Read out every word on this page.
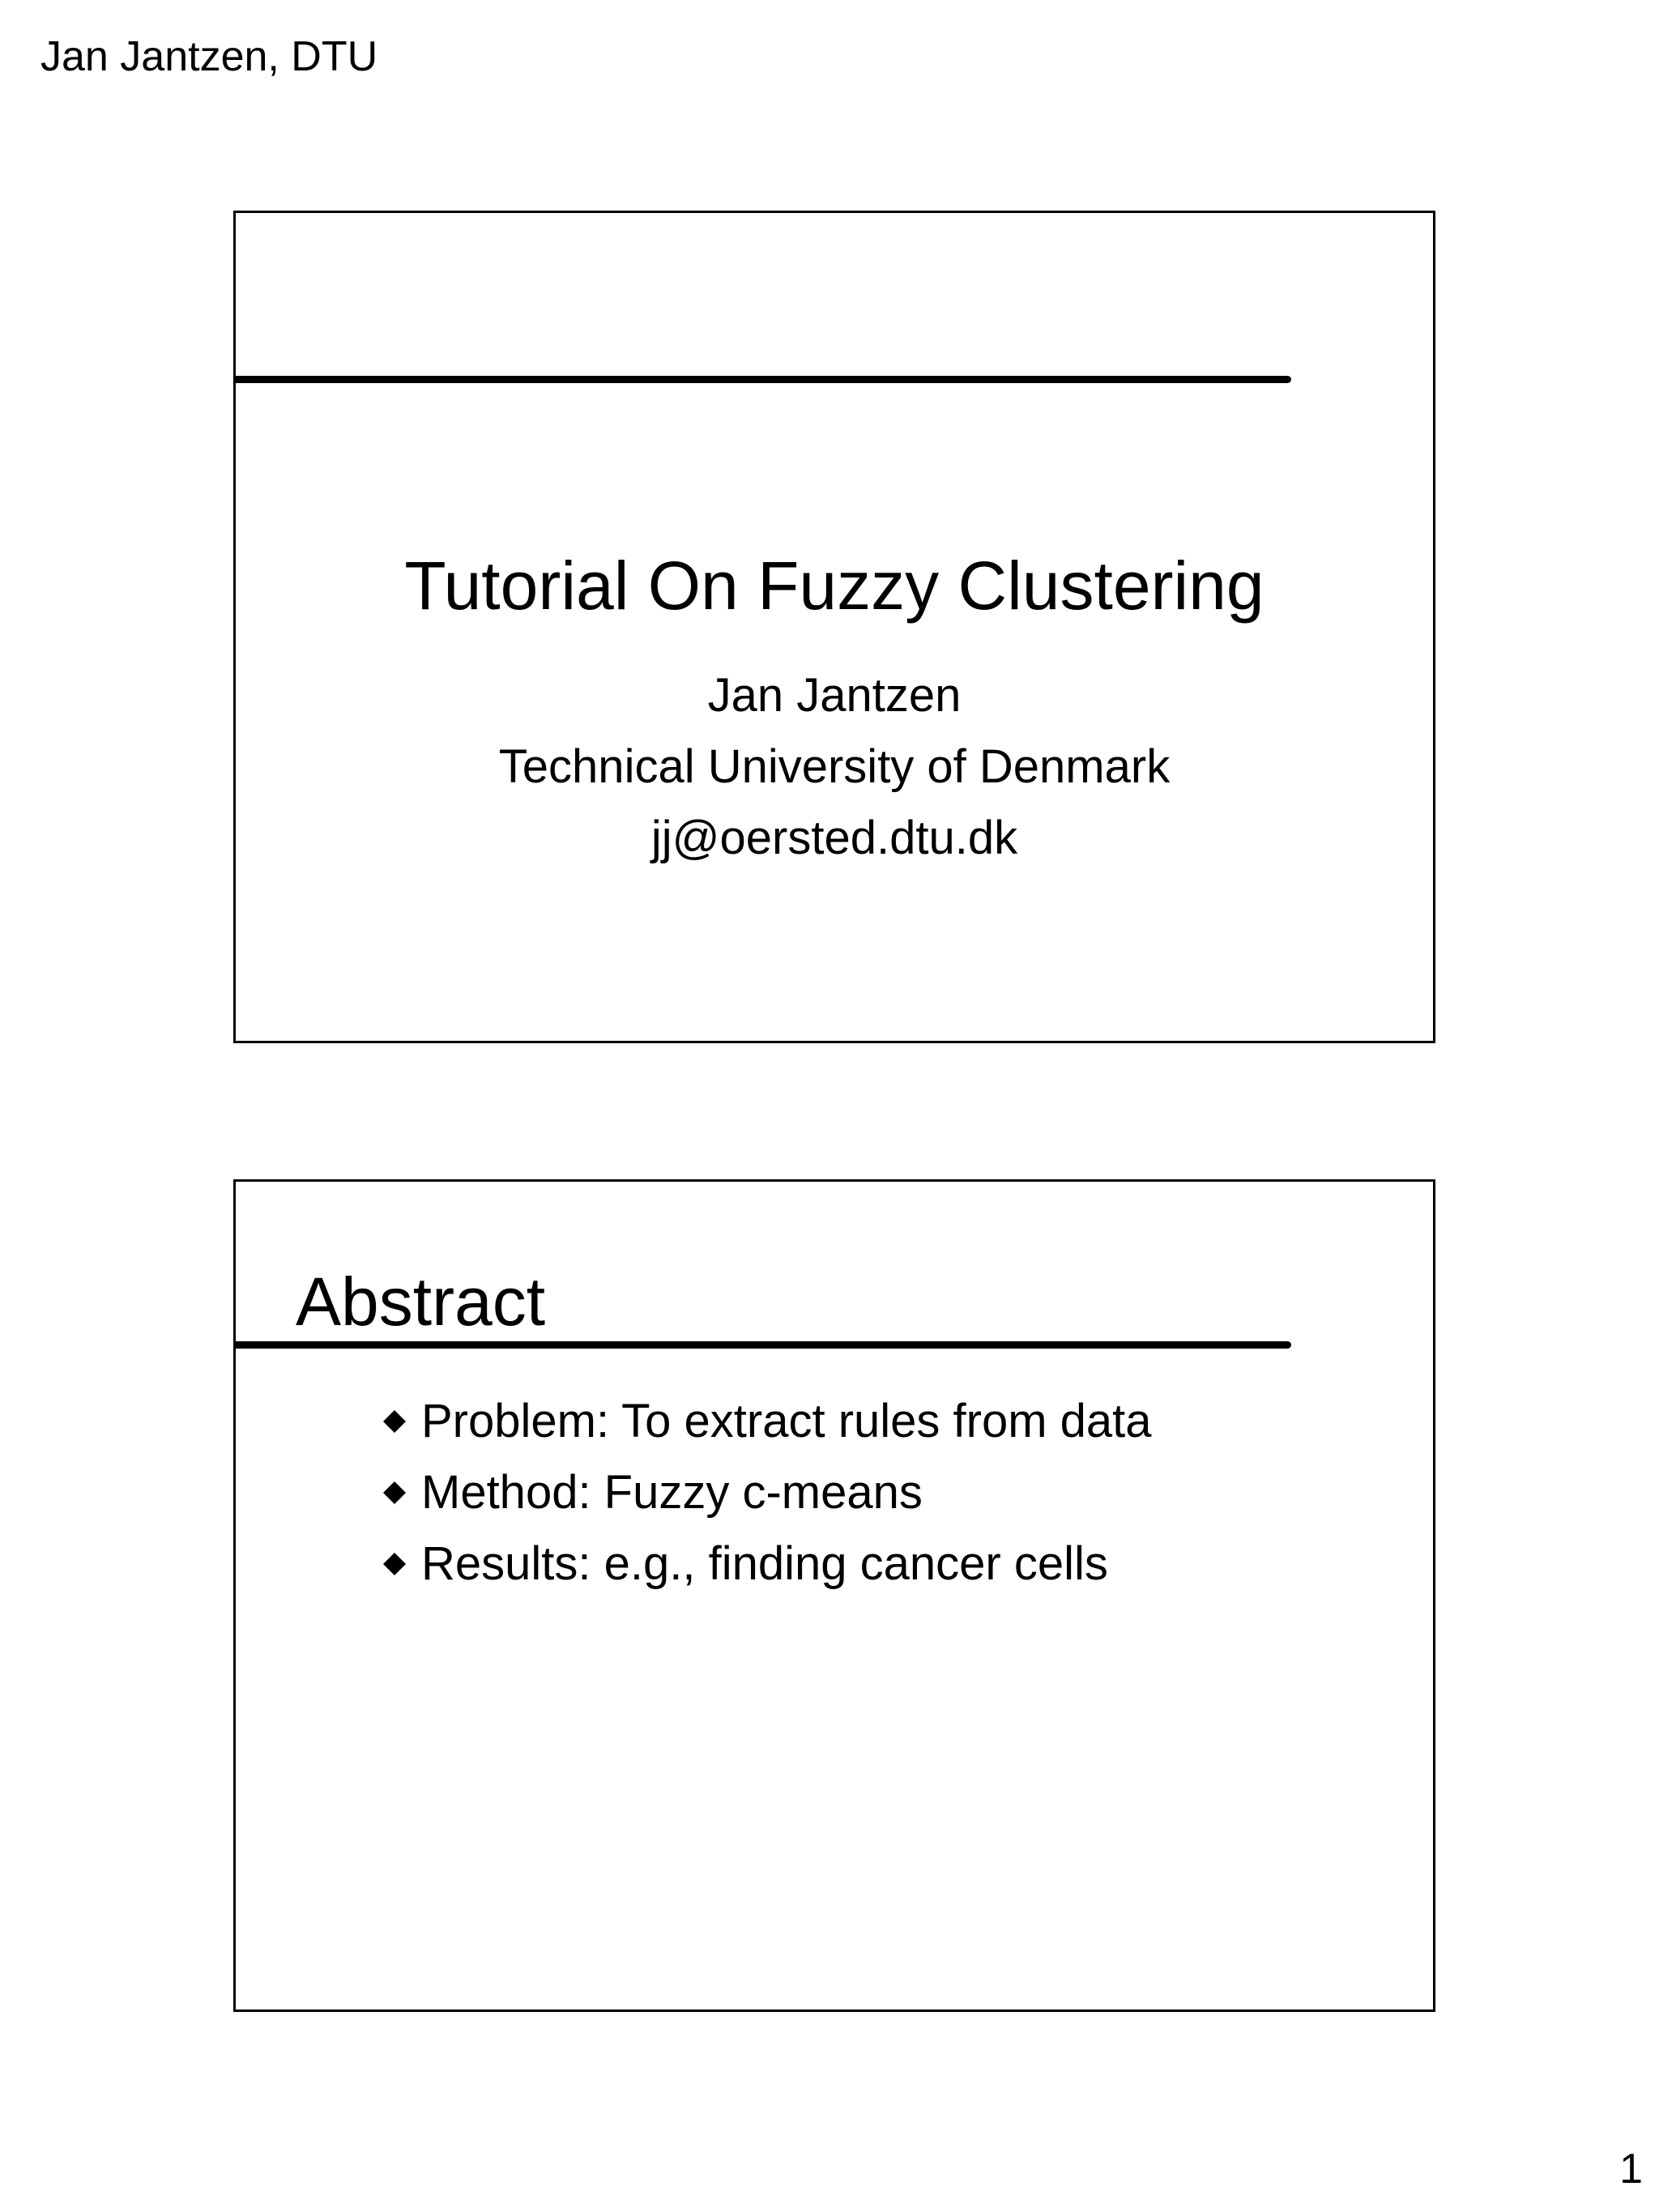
Jan Jantzen, DTU
Tutorial On Fuzzy Clustering
Jan Jantzen
Technical University of Denmark
jj@oersted.dtu.dk
Abstract
Problem: To extract rules from data
Method: Fuzzy c-means
Results: e.g., finding cancer cells
1
